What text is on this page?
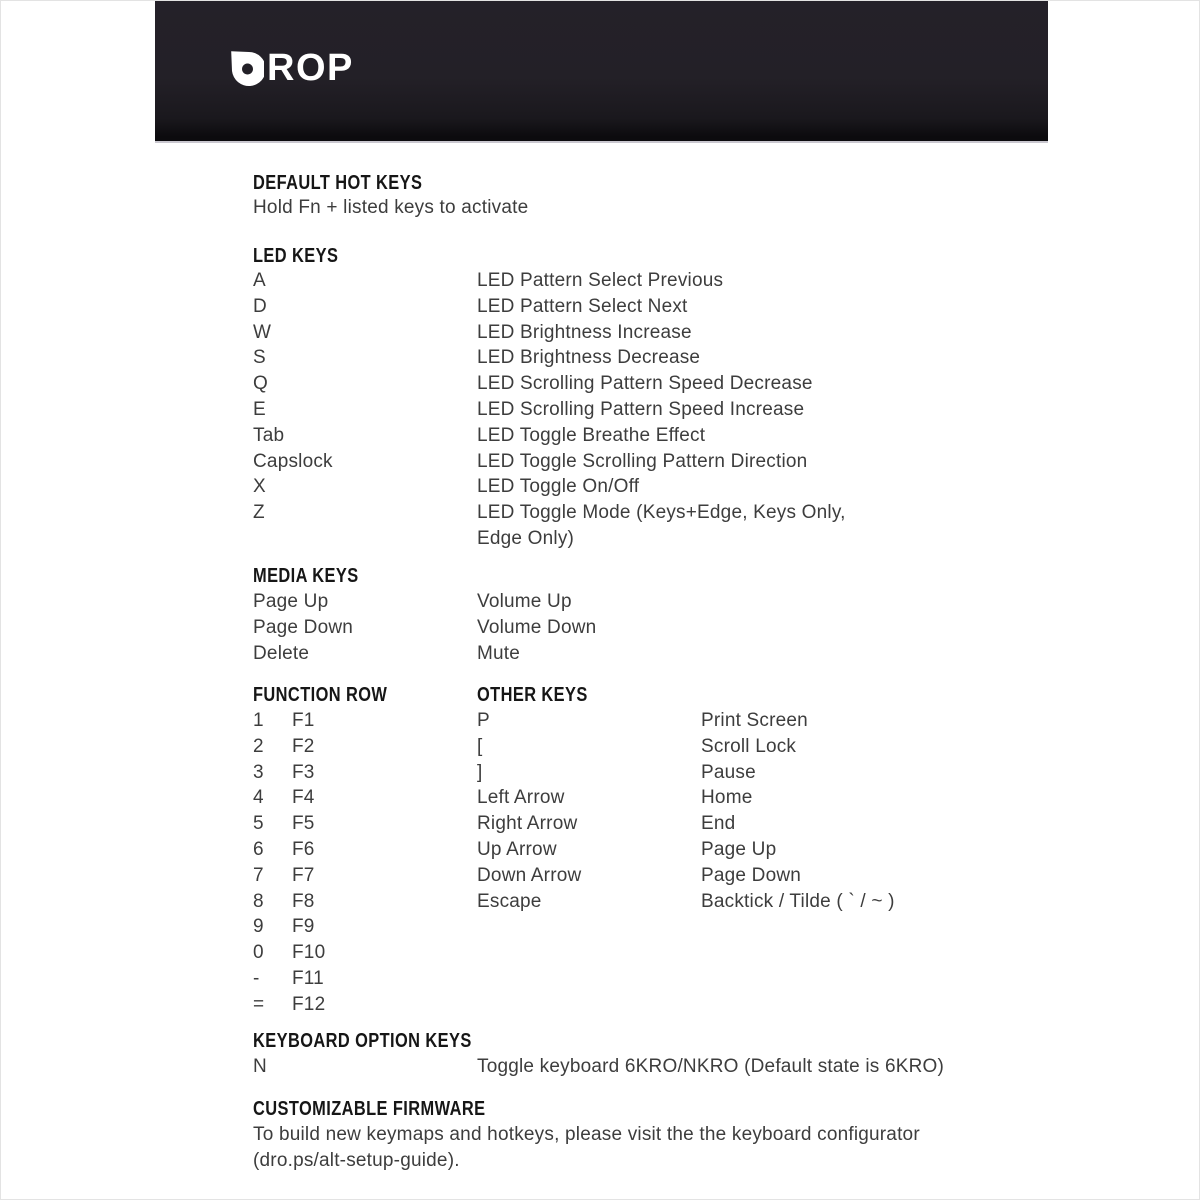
ROP
DEFAULT HOT KEYS
Hold Fn + listed keys to activate
LED KEYS
A	LED Pattern Select Previous
D	LED Pattern Select Next
W	LED Brightness Increase
S	LED Brightness Decrease
Q	LED Scrolling Pattern Speed Decrease
E	LED Scrolling Pattern Speed Increase
Tab	LED Toggle Breathe Effect
Capslock	LED Toggle Scrolling Pattern Direction
X	LED Toggle On/Off
Z	LED Toggle Mode (Keys+Edge, Keys Only, Edge Only)
MEDIA KEYS
Page Up	Volume Up
Page Down	Volume Down
Delete	Mute
FUNCTION ROW
1	F1
2	F2
3	F3
4	F4
5	F5
6	F6
7	F7
8	F8
9	F9
0	F10
-	F11
=	F12
OTHER KEYS
P	Print Screen
[	Scroll Lock
]	Pause
Left Arrow	Home
Right Arrow	End
Up Arrow	Page Up
Down Arrow	Page Down
Escape	Backtick / Tilde ( ` / ~ )
KEYBOARD OPTION KEYS
N	Toggle keyboard 6KRO/NKRO (Default state is 6KRO)
CUSTOMIZABLE FIRMWARE
To build new keymaps and hotkeys, please visit the the keyboard configurator (dro.ps/alt-setup-guide).
